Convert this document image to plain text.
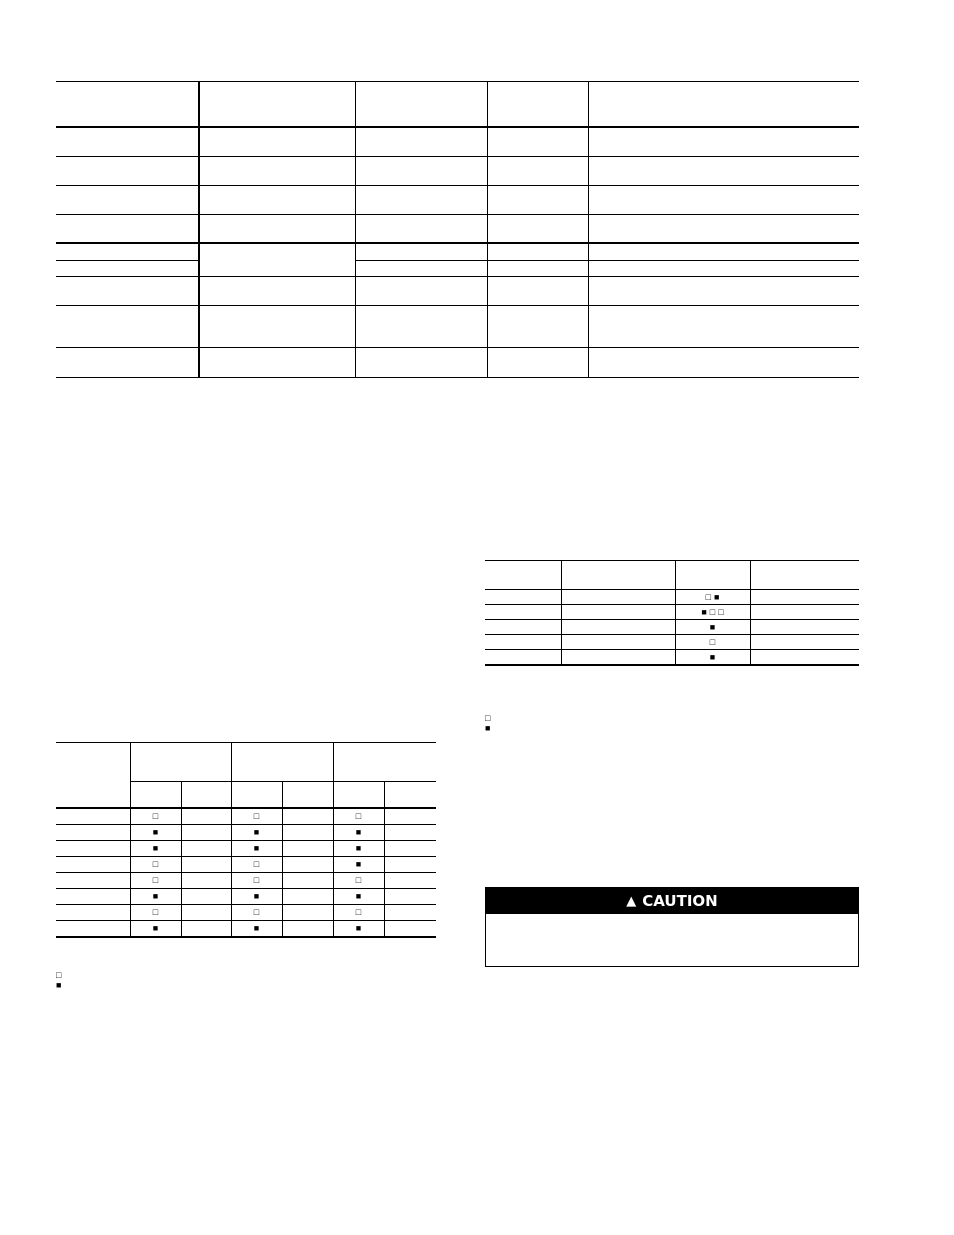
		□ ■	
		■ □ □	
		■	
		□	
		■	
□
■

	□		□		□	
	■		■		■	
	■		■		■	
	□		□		■	
	□		□		□	
	■		■		■	
	□		□		□	
	■		■		■	
□
■
▲ CAUTION
